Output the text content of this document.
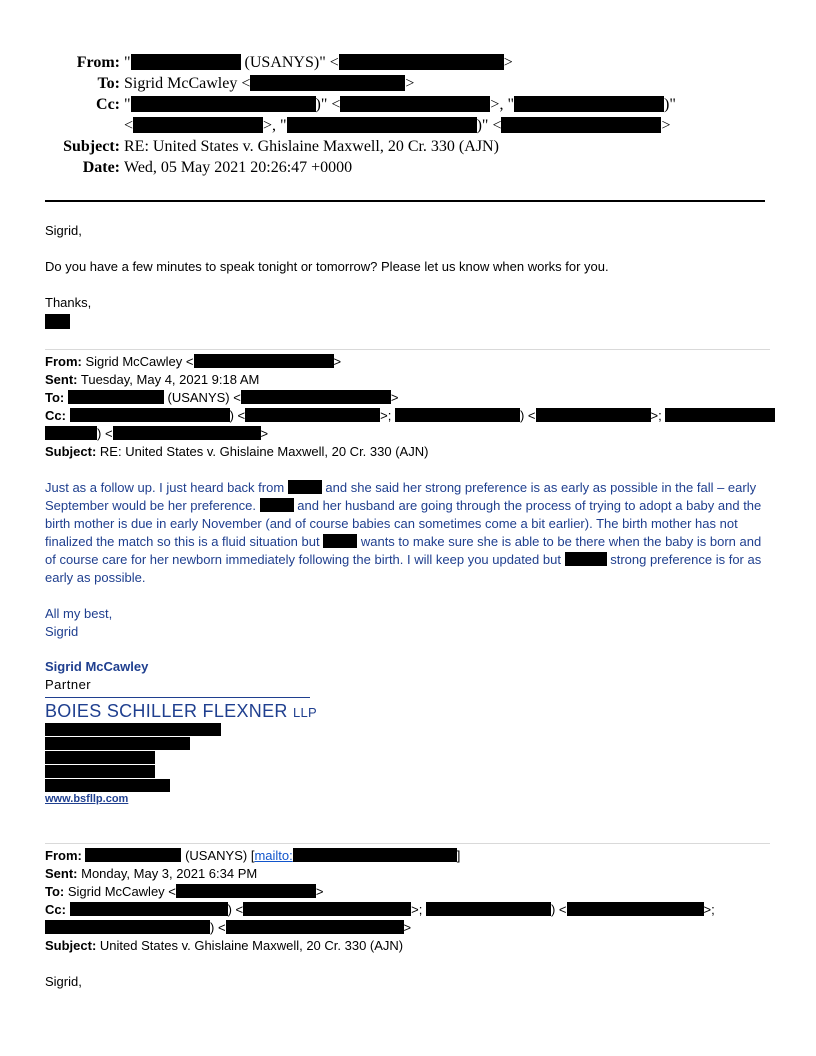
From: "	(USANYS)" <	>
To: Sigrid McCawley <	>
Cc: "	)" <	>, "	)"
<	>, "	)" <	>
Subject: RE: United States v. Ghislaine Maxwell, 20 Cr. 330 (AJN)
Date: Wed, 05 May 2021 20:26:47 +0000
Sigrid,
Do you have a few minutes to speak tonight or tomorrow? Please let us know when works for you.
Thanks,
From: Sigrid McCawley <	>
Sent: Tuesday, May 4, 2021 9:18 AM
To:	(USANYS) <	>
Cc:	) <	>;	) <	>;
) <	>
Subject: RE: United States v. Ghislaine Maxwell, 20 Cr. 330 (AJN)
Just as a follow up. I just heard back from	and she said her strong preference is as early as possible in the fall – early September would be her preference.	and her husband are going through the process of trying to adopt a baby and the birth mother is due in early November (and of course babies can sometimes come a bit earlier). The birth mother has not finalized the match so this is a fluid situation but	wants to make sure she is able to be there when the baby is born and of course care for her newborn immediately following the birth. I will keep you updated but	strong preference is for as early as possible.
All my best,
Sigrid
Sigrid McCawley
Partner
BOIES SCHILLER FLEXNER LLP
www.bsfllp.com
From:	(USANYS) [mailto:	]
Sent: Monday, May 3, 2021 6:34 PM
To: Sigrid McCawley <	>
Cc:	) <	>;	) <	>;
) <	>
Subject: United States v. Ghislaine Maxwell, 20 Cr. 330 (AJN)
Sigrid,
